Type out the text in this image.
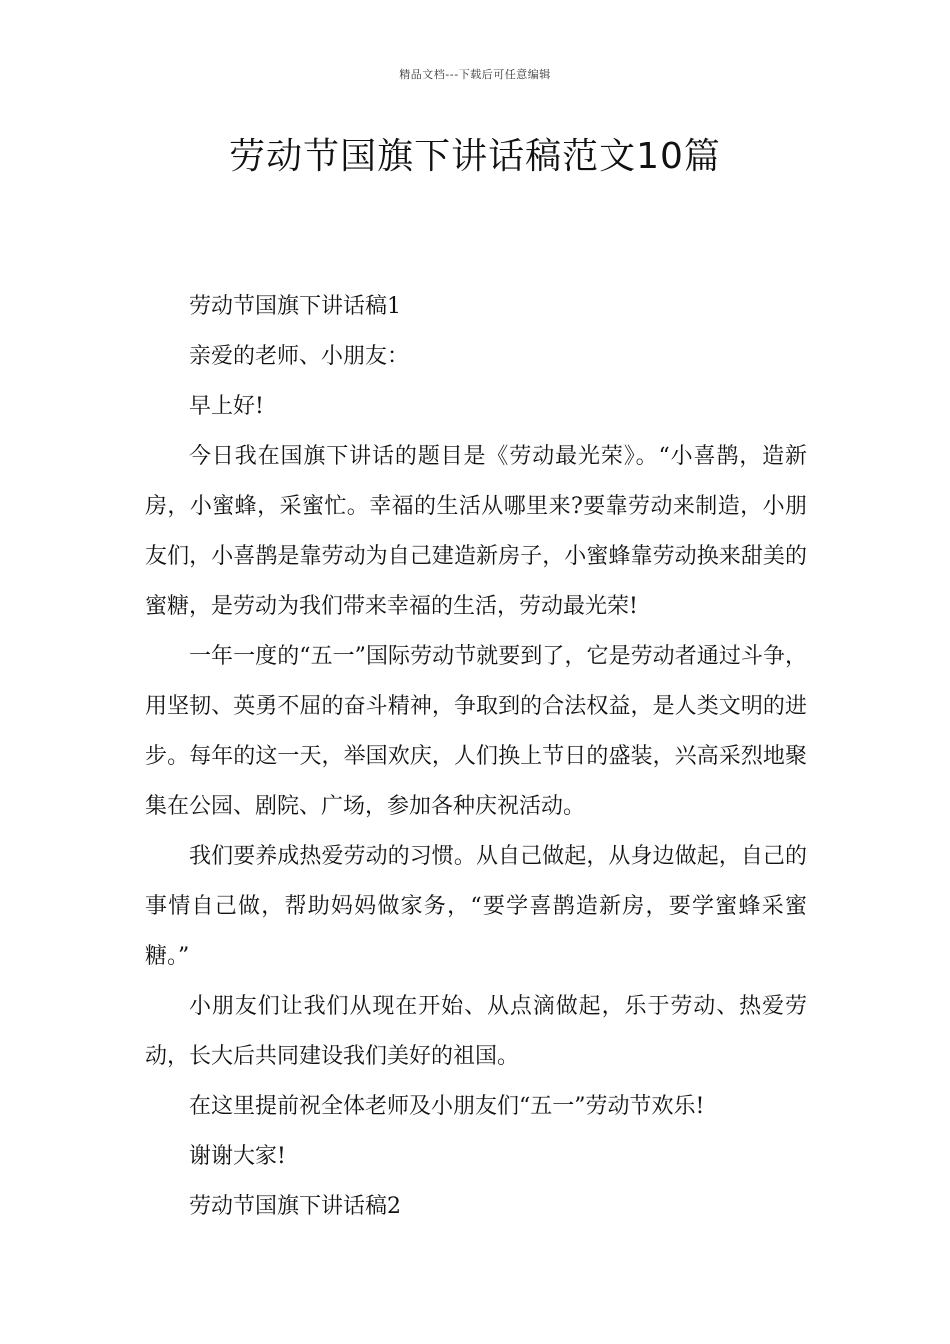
精品文档---下载后可任意编辑
劳动节国旗下讲话稿范文10篇

劳动节国旗下讲话稿1

亲爱的老师、小朋友：

早上好!

今日我在国旗下讲话的题目是《劳动最光荣》。“小喜鹊，造新房，小蜜蜂，采蜜忙。幸福的生活从哪里来?要靠劳动来制造，小朋友们，小喜鹊是靠劳动为自己建造新房子，小蜜蜂靠劳动换来甜美的蜜糖，是劳动为我们带来幸福的生活，劳动最光荣!

一年一度的“五一”国际劳动节就要到了，它是劳动者通过斗争，用坚韧、英勇不屈的奋斗精神，争取到的合法权益，是人类文明的进步。每年的这一天，举国欢庆，人们换上节日的盛装，兴高采烈地聚集在公园、剧院、广场，参加各种庆祝活动。

我们要养成热爱劳动的习惯。从自己做起，从身边做起，自己的事情自己做，帮助妈妈做家务，“要学喜鹊造新房，要学蜜蜂采蜜糖。”

小朋友们让我们从现在开始、从点滴做起，乐于劳动、热爱劳动，长大后共同建设我们美好的祖国。

在这里提前祝全体老师及小朋友们“五一”劳动节欢乐!

谢谢大家!

劳动节国旗下讲话稿2
